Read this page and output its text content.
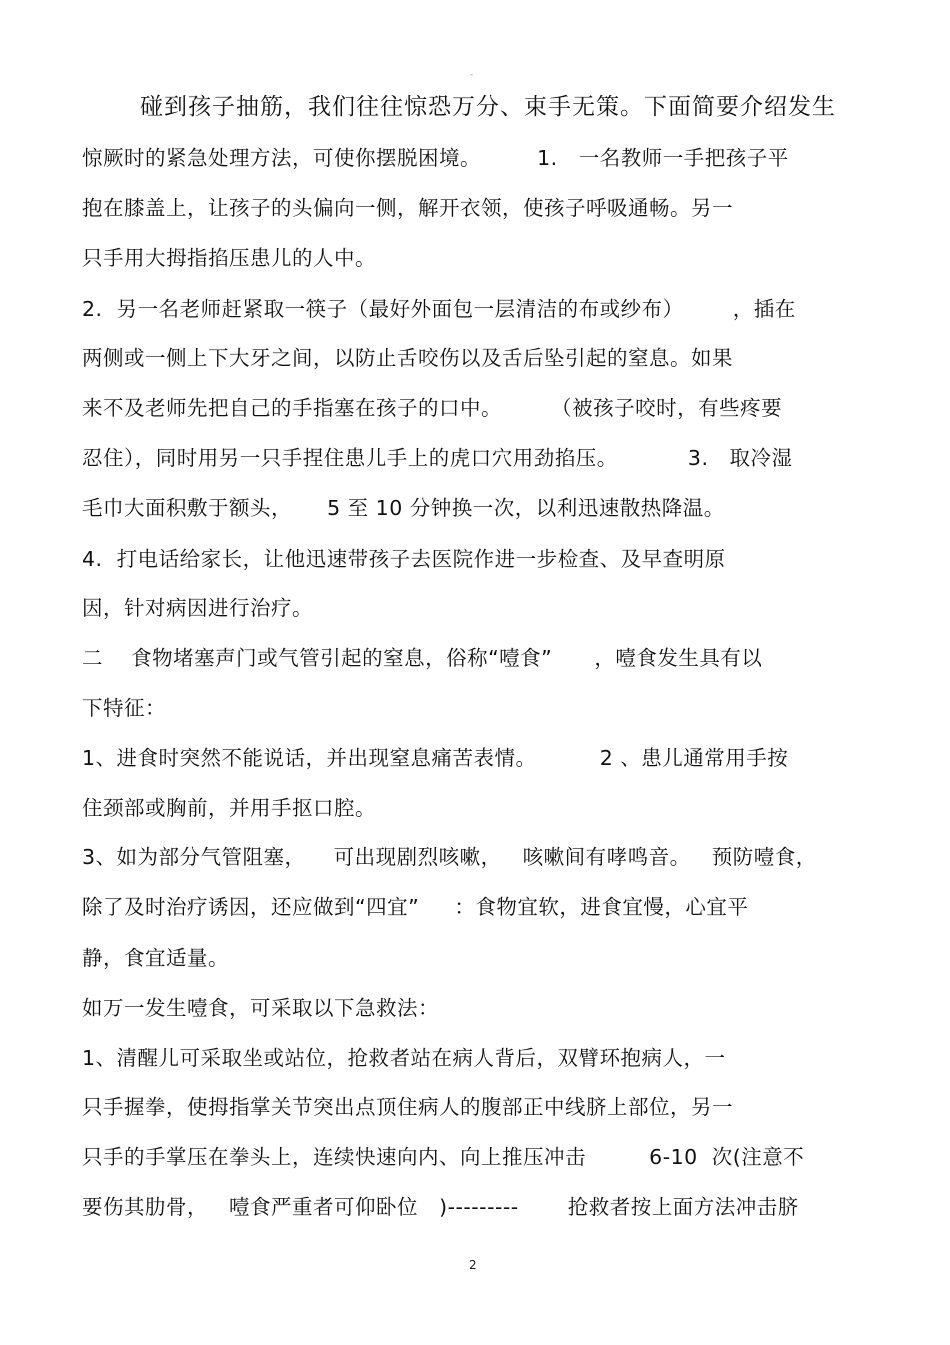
-
碰到孩子抽筋，我们往往惊恐万分、束手无策。下面简要介绍发生
惊厥时的紧急处理方法，可使你摆脱困境。        1.   一名教师一手把孩子平
抱在膝盖上，让孩子的头偏向一侧，解开衣领，使孩子呼吸通畅。另一
只手用大拇指掐压患儿的人中。
2.  另一名老师赶紧取一筷子（最好外面包一层清洁的布或纱布）       ，插在
两侧或一侧上下大牙之间，以防止舌咬伤以及舌后坠引起的窒息。如果
来不及老师先把自己的手指塞在孩子的口中。       （被孩子咬时，有些疼要
忍住），同时用另一只手捏住患儿手上的虎口穴用劲掐压。          3.   取冷湿
毛巾大面积敷于额头，     5 至 10 分钟换一次，以利迅速散热降温。
4.  打电话给家长，让他迅速带孩子去医院作进一步检查、及早查明原
因，针对病因进行治疗。
二    食物堵塞声门或气管引起的窒息，俗称“噎食”      ，噎食发生具有以
下特征：
1、进食时突然不能说话，并出现窒息痛苦表情。         2 、患儿通常用手按
住颈部或胸前，并用手抠口腔。
3、如为部分气管阻塞，    可出现剧烈咳嗽，   咳嗽间有哮鸣音。   预防噎食，
除了及时治疗诱因，还应做到“四宜”     ：食物宜软，进食宜慢，心宜平
静，食宜适量。
如万一发生噎食，可采取以下急救法：
1、清醒儿可采取坐或站位，抢救者站在病人背后，双臂环抱病人，一
只手握拳，使拇指掌关节突出点顶住病人的腹部正中线脐上部位，另一
只手的手掌压在拳头上，连续快速向内、向上推压冲击         6-10  次(注意不
要伤其肋骨，   噎食严重者可仰卧位   )---------       抢救者按上面方法冲击脐
2
